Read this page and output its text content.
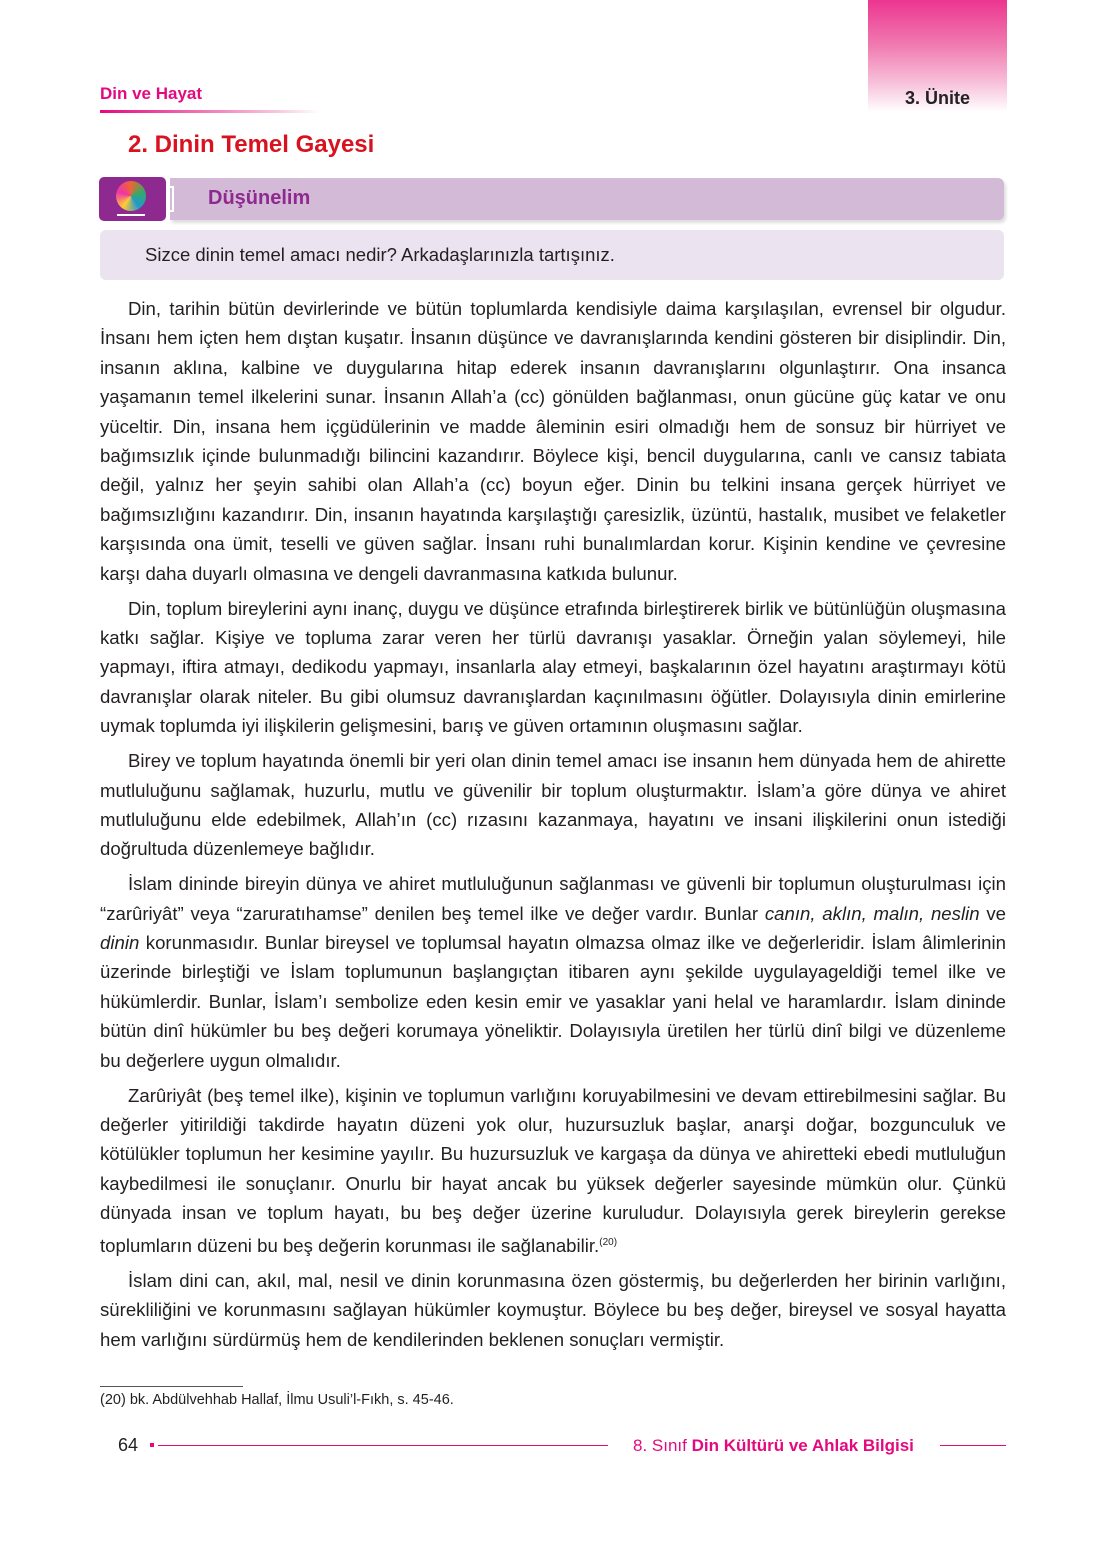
3. Ünite
Din ve Hayat
2. Dinin Temel Gayesi
Düşünelim
Sizce dinin temel amacı nedir? Arkadaşlarınızla tartışınız.

Din, tarihin bütün devirlerinde ve bütün toplumlarda kendisiyle daima karşılaşılan, evrensel bir olgudur. İnsanı hem içten hem dıştan kuşatır. İnsanın düşünce ve davranışlarında kendini gösteren bir disiplindir. Din, insanın aklına, kalbine ve duygularına hitap ederek insanın davranışlarını olgunlaştırır. Ona insanca yaşamanın temel ilkelerini sunar. İnsanın Allah’a (cc) gönülden bağlanması, onun gücüne güç katar ve onu yüceltir. Din, insana hem içgüdülerinin ve madde âleminin esiri olmadığı hem de sonsuz bir hürriyet ve bağımsızlık içinde bulunmadığı bilincini kazandırır. Böylece kişi, bencil duygularına, canlı ve cansız tabiata değil, yalnız her şeyin sahibi olan Allah’a (cc) boyun eğer. Dinin bu telkini insana gerçek hürriyet ve bağımsızlığını kazandırır. Din, insanın hayatında karşılaştığı çaresizlik, üzüntü, hastalık, musibet ve felaketler karşısında ona ümit, teselli ve güven sağlar. İnsanı ruhi bunalımlardan korur. Kişinin kendine ve çevresine karşı daha duyarlı olmasına ve dengeli davranmasına katkıda bulunur.

Din, toplum bireylerini aynı inanç, duygu ve düşünce etrafında birleştirerek birlik ve bütünlüğün oluşmasına katkı sağlar. Kişiye ve topluma zarar veren her türlü davranışı yasaklar. Örneğin yalan söylemeyi, hile yapmayı, iftira atmayı, dedikodu yapmayı, insanlarla alay etmeyi, başkalarının özel hayatını araştırmayı kötü davranışlar olarak niteler. Bu gibi olumsuz davranışlardan kaçınılmasını öğütler. Dolayısıyla dinin emirlerine uymak toplumda iyi ilişkilerin gelişmesini, barış ve güven ortamının oluşmasını sağlar.

Birey ve toplum hayatında önemli bir yeri olan dinin temel amacı ise insanın hem dünyada hem de ahirette mutluluğunu sağlamak, huzurlu, mutlu ve güvenilir bir toplum oluşturmaktır. İslam’a göre dünya ve ahiret mutluluğunu elde edebilmek, Allah’ın (cc) rızasını kazanmaya, hayatını ve insani ilişkilerini onun istediği doğrultuda düzenlemeye bağlıdır.

İslam dininde bireyin dünya ve ahiret mutluluğunun sağlanması ve güvenli bir toplumun oluşturulması için “zarûriyât” veya “zaruratıhamse” denilen beş temel ilke ve değer vardır. Bunlar canın, aklın, malın, neslin ve dinin korunmasıdır. Bunlar bireysel ve toplumsal hayatın olmazsa olmaz ilke ve değerleridir. İslam âlimlerinin üzerinde birleştiği ve İslam toplumunun başlangıçtan itibaren aynı şekilde uygulayageldiği temel ilke ve hükümlerdir. Bunlar, İslam’ı sembolize eden kesin emir ve yasaklar yani helal ve haramlardır. İslam dininde bütün dinî hükümler bu beş değeri korumaya yöneliktir. Dolayısıyla üretilen her türlü dinî bilgi ve düzenleme bu değerlere uygun olmalıdır.

Zarûriyât (beş temel ilke), kişinin ve toplumun varlığını koruyabilmesini ve devam ettirebilmesini sağlar. Bu değerler yitirildiği takdirde hayatın düzeni yok olur, huzursuzluk başlar, anarşi doğar, bozgunculuk ve kötülükler toplumun her kesimine yayılır. Bu huzursuzluk ve kargaşa da dünya ve ahiretteki ebedi mutluluğun kaybedilmesi ile sonuçlanır. Onurlu bir hayat ancak bu yüksek değerler sayesinde mümkün olur. Çünkü dünyada insan ve toplum hayatı, bu beş değer üzerine kuruludur. Dolayısıyla gerek bireylerin gerekse toplumların düzeni bu beş değerin korunması ile sağlanabilir.$^{(20)}$

İslam dini can, akıl, mal, nesil ve dinin korunmasına özen göstermiş, bu değerlerden her birinin varlığını, sürekliliğini ve korunmasını sağlayan hükümler koymuştur. Böylece bu beş değer, bireysel ve sosyal hayatta hem varlığını sürdürmüş hem de kendilerinden beklenen sonuçları vermiştir.

(20) bk. Abdülvehhab Hallaf, İlmu Usuli’l-Fıkh, s. 45-46.
64	8. Sınıf Din Kültürü ve Ahlak Bilgisi
